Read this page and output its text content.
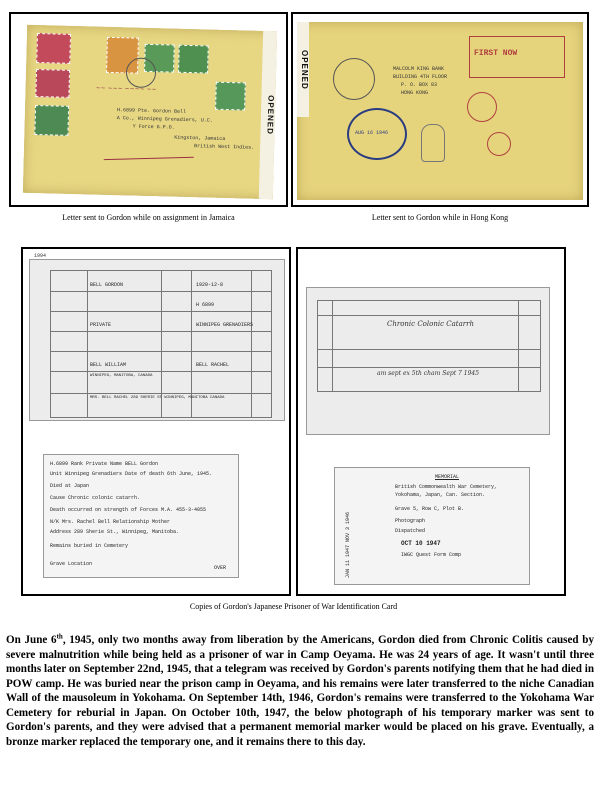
OPENED
~~ ~~~ ~~~~ ~~
H.6899 Pte. Gordon Bell
A Co., Winnipeg Grenadiers, U.C.
Y Force G.P.O.
Kingston, Jamaica
British West Indies.
Letter sent to Gordon while on assignment in Jamaica
OPENED
AUG 16 1946
MALCOLM KING BANK
BUILDING 4TH FLOOR
P. O. BOX 83
HONG KONG
FIRST NOW
Letter sent to Gordon while in Hong Kong
1994
BELL GORDON	1920-12-8
H 6899
PRIVATE	WINNIPEG GRENADIERS
BELL WILLIAM	BELL RACHEL
WINNIPEG, MANITOBA, CANADA
MRS. BELL RACHEL 289 SHERIE ST WINNIPEG, MANITOBA CANADA
H.6899 Rank Private Name BELL Gordon
Unit Winnipeg Grenadiers Date of death 6th June, 1945.
Died at Japan
Cause Chronic colonic catarrh.
Death occurred on strength of Forces M.A. 455-3-4055
N/K Mrs. Rachel Bell Relationship Mother
Address 289 Sherie St., Winnipeg, Manitoba.
Remains buried in Cemetery
Grave Location
OVER
Chronic Colonic Catarrh
am sept ex 5th cham Sept 7 1945
JAN 11 1947 NOV 3 1946
MEMORIAL
British Commonwealth War Cemetery,
Yokohama, Japan, Can. Section.
Grave 5, Row C, Plot B.
Photograph
Dispatched
OCT 10 1947
IWGC Quest Form Comp
Copies of Gordon's Japanese Prisoner of War Identification Card
On June 6th, 1945, only two months away from liberation by the Americans, Gordon died from Chronic Colitis caused by severe malnutrition while being held as a prisoner of war in Camp Oeyama. He was 24 years of age. It wasn't until three months later on September 22nd, 1945, that a telegram was received by Gordon's parents notifying them that he had died in POW camp. He was buried near the prison camp in Oeyama, and his remains were later transferred to the niche Canadian Wall of the mausoleum in Yokohama. On September 14th, 1946, Gordon's remains were transferred to the Yokohama War Cemetery for reburial in Japan. On October 10th, 1947, the below photograph of his temporary marker was sent to Gordon's parents, and they were advised that a permanent memorial marker would be placed on his grave. Eventually, a bronze marker replaced the temporary one, and it remains there to this day.
